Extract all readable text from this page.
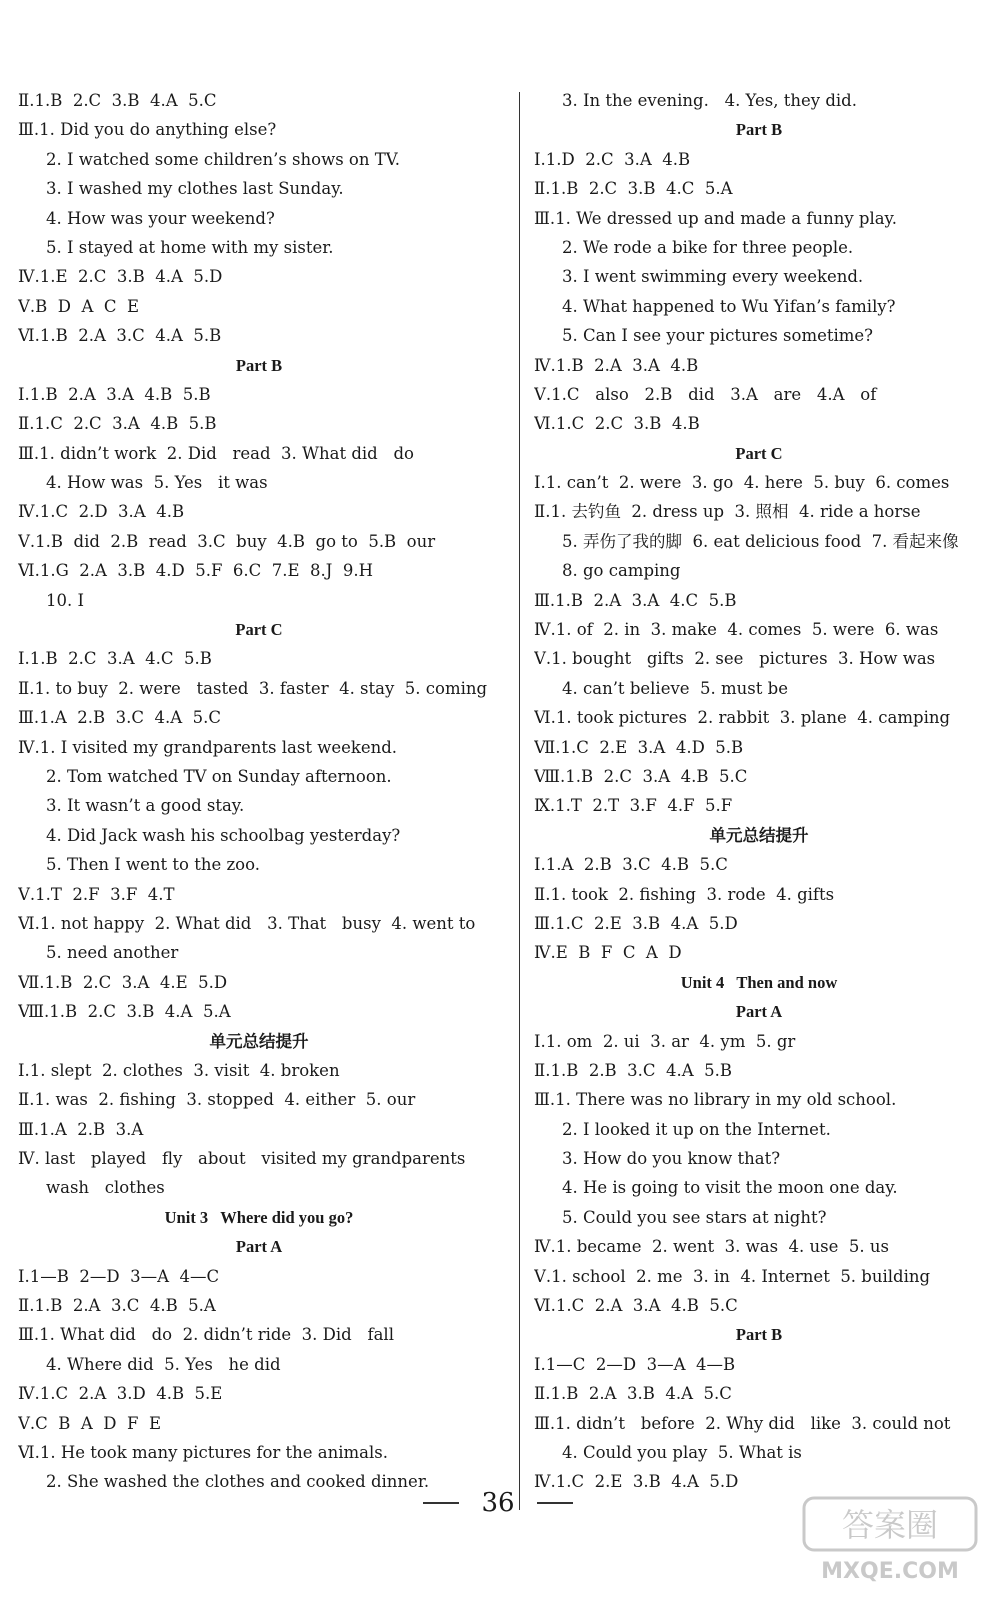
Ⅱ.1.B  2.C  3.B  4.A  5.C
Ⅲ.1. Did you do anything else?
2. I watched some children’s shows on TV.
3. I washed my clothes last Sunday.
4. How was your weekend?
5. I stayed at home with my sister.
Ⅳ.1.E  2.C  3.B  4.A  5.D
Ⅴ.B  D  A  C  E
Ⅵ.1.B  2.A  3.C  4.A  5.B
Part B
Ⅰ.1.B  2.A  3.A  4.B  5.B
Ⅱ.1.C  2.C  3.A  4.B  5.B
Ⅲ.1. didn’t work  2. Did   read  3. What did   do
4. How was  5. Yes   it was
Ⅳ.1.C  2.D  3.A  4.B
Ⅴ.1.B  did  2.B  read  3.C  buy  4.B  go to  5.B  our
Ⅵ.1.G  2.A  3.B  4.D  5.F  6.C  7.E  8.J  9.H
10. I
Part C
Ⅰ.1.B  2.C  3.A  4.C  5.B
Ⅱ.1. to buy  2. were   tasted  3. faster  4. stay  5. coming
Ⅲ.1.A  2.B  3.C  4.A  5.C
Ⅳ.1. I visited my grandparents last weekend.
2. Tom watched TV on Sunday afternoon.
3. It wasn’t a good stay.
4. Did Jack wash his schoolbag yesterday?
5. Then I went to the zoo.
Ⅴ.1.T  2.F  3.F  4.T
Ⅵ.1. not happy  2. What did   3. That   busy  4. went to
5. need another
Ⅶ.1.B  2.C  3.A  4.E  5.D
Ⅷ.1.B  2.C  3.B  4.A  5.A
单元总结提升
Ⅰ.1. slept  2. clothes  3. visit  4. broken
Ⅱ.1. was  2. fishing  3. stopped  4. either  5. our
Ⅲ.1.A  2.B  3.A
Ⅳ. last   played   fly   about   visited my grandparents
wash   clothes
Unit 3   Where did you go?
Part A
Ⅰ.1—B  2—D  3—A  4—C
Ⅱ.1.B  2.A  3.C  4.B  5.A
Ⅲ.1. What did   do  2. didn’t ride  3. Did   fall
4. Where did  5. Yes   he did
Ⅳ.1.C  2.A  3.D  4.B  5.E
Ⅴ.C  B  A  D  F  E
Ⅵ.1. He took many pictures for the animals.
2. She washed the clothes and cooked dinner.
3. In the evening.   4. Yes, they did.
Part B
Ⅰ.1.D  2.C  3.A  4.B
Ⅱ.1.B  2.C  3.B  4.C  5.A
Ⅲ.1. We dressed up and made a funny play.
2. We rode a bike for three people.
3. I went swimming every weekend.
4. What happened to Wu Yifan’s family?
5. Can I see your pictures sometime?
Ⅳ.1.B  2.A  3.A  4.B
Ⅴ.1.C   also   2.B   did   3.A   are   4.A   of
Ⅵ.1.C  2.C  3.B  4.B
Part C
Ⅰ.1. can’t  2. were  3. go  4. here  5. buy  6. comes
Ⅱ.1. 去钓鱼  2. dress up  3. 照相  4. ride a horse
5. 弄伤了我的脚  6. eat delicious food  7. 看起来像
8. go camping
Ⅲ.1.B  2.A  3.A  4.C  5.B
Ⅳ.1. of  2. in  3. make  4. comes  5. were  6. was
Ⅴ.1. bought   gifts  2. see   pictures  3. How was
4. can’t believe  5. must be
Ⅵ.1. took pictures  2. rabbit  3. plane  4. camping
Ⅶ.1.C  2.E  3.A  4.D  5.B
Ⅷ.1.B  2.C  3.A  4.B  5.C
Ⅸ.1.T  2.T  3.F  4.F  5.F
单元总结提升
Ⅰ.1.A  2.B  3.C  4.B  5.C
Ⅱ.1. took  2. fishing  3. rode  4. gifts
Ⅲ.1.C  2.E  3.B  4.A  5.D
Ⅳ.E  B  F  C  A  D
Unit 4   Then and now
Part A
Ⅰ.1. om  2. ui  3. ar  4. ym  5. gr
Ⅱ.1.B  2.B  3.C  4.A  5.B
Ⅲ.1. There was no library in my old school.
2. I looked it up on the Internet.
3. How do you know that?
4. He is going to visit the moon one day.
5. Could you see stars at night?
Ⅳ.1. became  2. went  3. was  4. use  5. us
Ⅴ.1. school  2. me  3. in  4. Internet  5. building
Ⅵ.1.C  2.A  3.A  4.B  5.C
Part B
Ⅰ.1—C  2—D  3—A  4—B
Ⅱ.1.B  2.A  3.B  4.A  5.C
Ⅲ.1. didn’t   before  2. Why did   like  3. could not
4. Could you play  5. What is
Ⅳ.1.C  2.E  3.B  4.A  5.D
36
答案圈
MXQE.COM
